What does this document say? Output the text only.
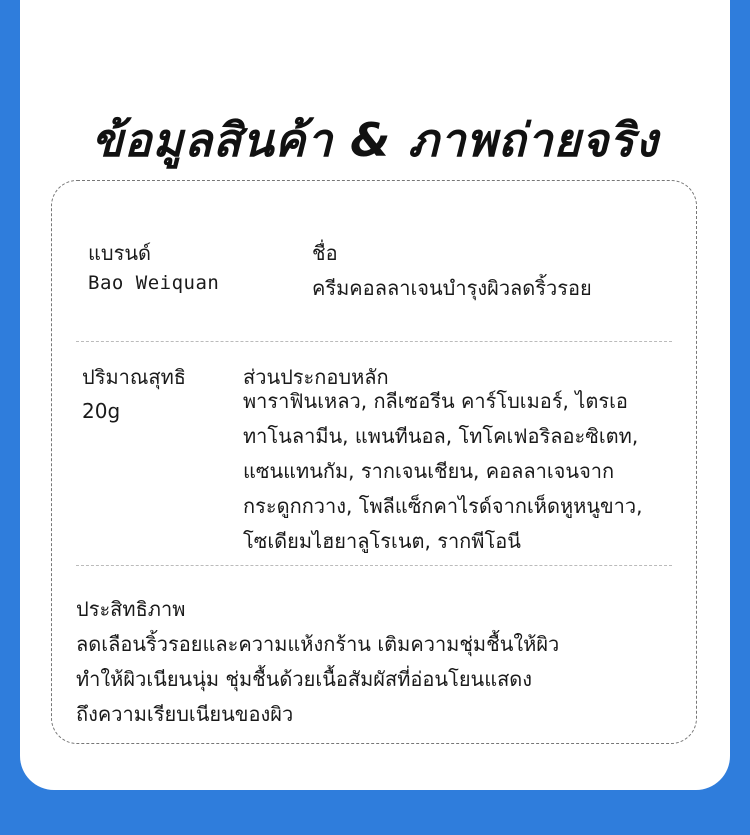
ข้อมูลสินค้า & ภาพถ่ายจริง
แบรนด์
Bao Weiquan
ชื่อ
ครีมคอลลาเจนบำรุงผิวลดริ้วรอย
ปริมาณสุทธิ
20g
ส่วนประกอบหลัก
พาราฟินเหลว, กลีเซอรีน คาร์โบเมอร์, ไตรเอ
ทาโนลามีน, แพนทีนอล, โทโคเฟอริลอะซิเตท,
แซนแทนกัม, รากเจนเชียน, คอลลาเจนจาก
กระดูกกวาง, โพลีแซ็กคาไรด์จากเห็ดหูหนูขาว,
โซเดียมไฮยาลูโรเนต, รากพีโอนี
ประสิทธิภาพ
ลดเลือนริ้วรอยและความแห้งกร้าน เติมความชุ่มชื้นให้ผิว
ทำให้ผิวเนียนนุ่ม ชุ่มชื้นด้วยเนื้อสัมผัสที่อ่อนโยนแสดง
ถึงความเรียบเนียนของผิว
